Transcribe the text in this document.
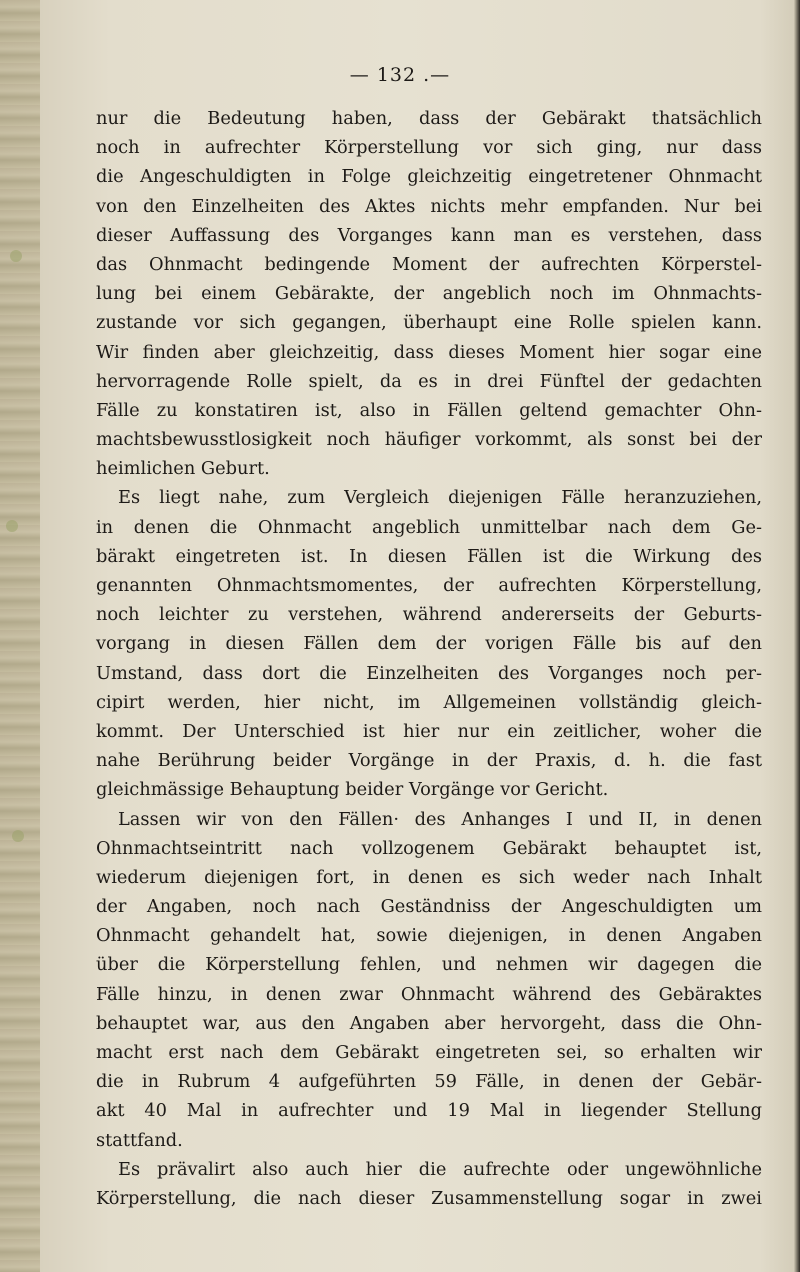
— 132 .—
nur die Bedeutung haben, dass der Gebärakt thatsächlich
noch in aufrechter Körperstellung vor sich ging, nur dass
die Angeschuldigten in Folge gleichzeitig eingetretener Ohnmacht
von den Einzelheiten des Aktes nichts mehr empfanden. Nur bei
dieser Auffassung des Vorganges kann man es verstehen, dass
das Ohnmacht bedingende Moment der aufrechten Körperstel-
lung bei einem Gebärakte, der angeblich noch im Ohnmachts-
zustande vor sich gegangen, überhaupt eine Rolle spielen kann.
Wir finden aber gleichzeitig, dass dieses Moment hier sogar eine
hervorragende Rolle spielt, da es in drei Fünftel der gedachten
Fälle zu konstatiren ist, also in Fällen geltend gemachter Ohn-
machtsbewusstlosigkeit noch häufiger vorkommt, als sonst bei der
heimlichen Geburt.
Es liegt nahe, zum Vergleich diejenigen Fälle heranzuziehen,
in denen die Ohnmacht angeblich unmittelbar nach dem Ge-
bärakt eingetreten ist. In diesen Fällen ist die Wirkung des
genannten Ohnmachtsmomentes, der aufrechten Körperstellung,
noch leichter zu verstehen, während andererseits der Geburts-
vorgang in diesen Fällen dem der vorigen Fälle bis auf den
Umstand, dass dort die Einzelheiten des Vorganges noch per-
cipirt werden, hier nicht, im Allgemeinen vollständig gleich-
kommt. Der Unterschied ist hier nur ein zeitlicher, woher die
nahe Berührung beider Vorgänge in der Praxis, d. h. die fast
gleichmässige Behauptung beider Vorgänge vor Gericht.
Lassen wir von den Fällen· des Anhanges I und II, in denen
Ohnmachtseintritt nach vollzogenem Gebärakt behauptet ist,
wiederum diejenigen fort, in denen es sich weder nach Inhalt
der Angaben, noch nach Geständniss der Angeschuldigten um
Ohnmacht gehandelt hat, sowie diejenigen, in denen Angaben
über die Körperstellung fehlen, und nehmen wir dagegen die
Fälle hinzu, in denen zwar Ohnmacht während des Gebäraktes
behauptet war, aus den Angaben aber hervorgeht, dass die Ohn-
macht erst nach dem Gebärakt eingetreten sei, so erhalten wir
die in Rubrum 4 aufgeführten 59 Fälle, in denen der Gebär-
akt 40 Mal in aufrechter und 19 Mal in liegender Stellung
stattfand.
Es prävalirt also auch hier die aufrechte oder ungewöhnliche
Körperstellung, die nach dieser Zusammenstellung sogar in zwei
